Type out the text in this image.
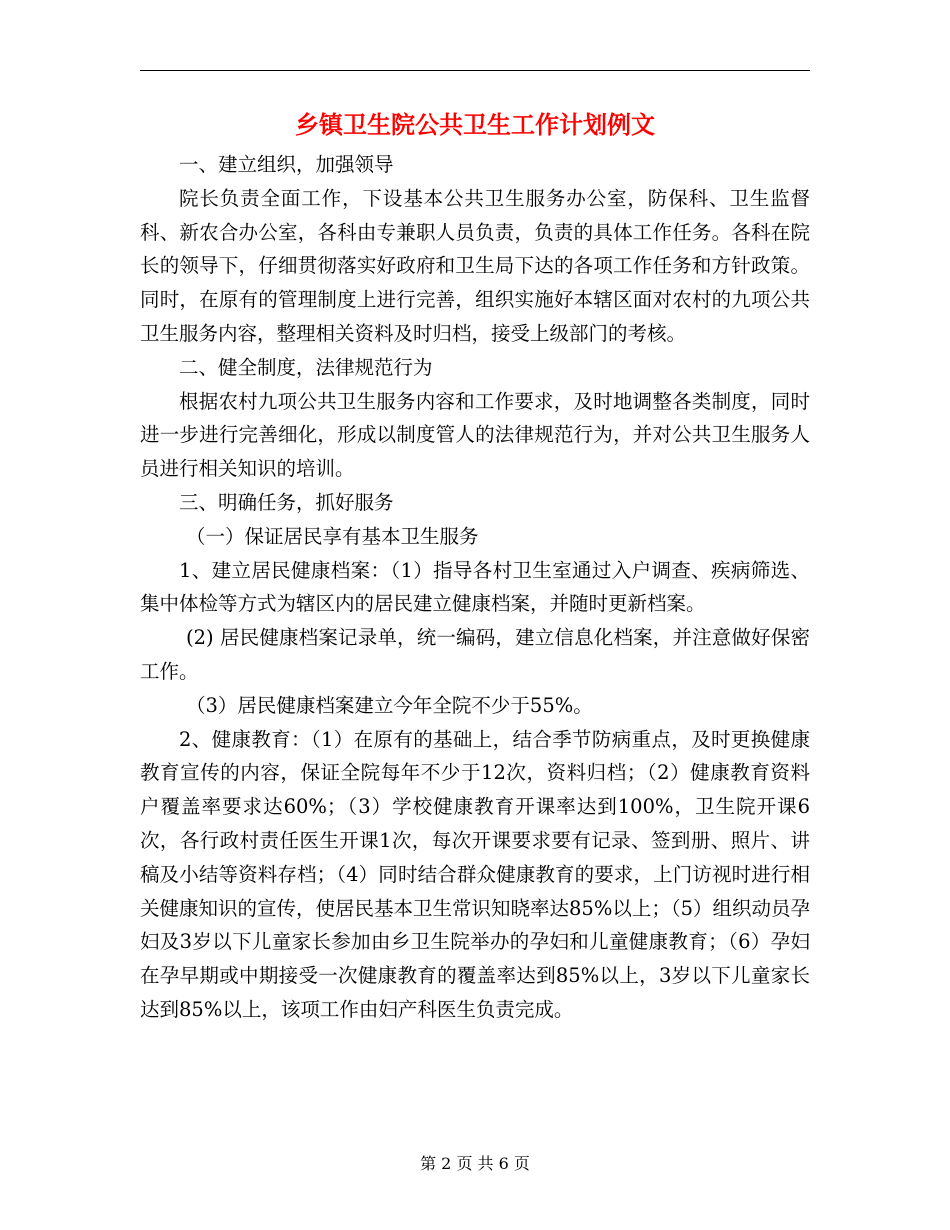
乡镇卫生院公共卫生工作计划例文

一、建立组织，加强领导

院长负责全面工作，下设基本公共卫生服务办公室，防保科、卫生监督科、新农合办公室，各科由专兼职人员负责，负责的具体工作任务。各科在院长的领导下，仔细贯彻落实好政府和卫生局下达的各项工作任务和方针政策。同时，在原有的管理制度上进行完善，组织实施好本辖区面对农村的九项公共卫生服务内容，整理相关资料及时归档，接受上级部门的考核。

二、健全制度，法律规范行为

根据农村九项公共卫生服务内容和工作要求，及时地调整各类制度，同时进一步进行完善细化，形成以制度管人的法律规范行为，并对公共卫生服务人员进行相关知识的培训。

三、明确任务，抓好服务

（一）保证居民享有基本卫生服务

1、建立居民健康档案：（1）指导各村卫生室通过入户调查、疾病筛选、集中体检等方式为辖区内的居民建立健康档案，并随时更新档案。

(2) 居民健康档案记录单，统一编码，建立信息化档案，并注意做好保密工作。

（3）居民健康档案建立今年全院不少于55%。

2、健康教育：（1）在原有的基础上，结合季节防病重点，及时更换健康教育宣传的内容，保证全院每年不少于12次，资料归档；（2）健康教育资料户覆盖率要求达60%；（3）学校健康教育开课率达到100%，卫生院开课6次，各行政村责任医生开课1次，每次开课要求要有记录、签到册、照片、讲稿及小结等资料存档；（4）同时结合群众健康教育的要求，上门访视时进行相关健康知识的宣传，使居民基本卫生常识知晓率达85%以上；（5）组织动员孕妇及3岁以下儿童家长参加由乡卫生院举办的孕妇和儿童健康教育；（6）孕妇在孕早期或中期接受一次健康教育的覆盖率达到85%以上，3岁以下儿童家长达到85%以上，该项工作由妇产科医生负责完成。

第 2 页 共 6 页
